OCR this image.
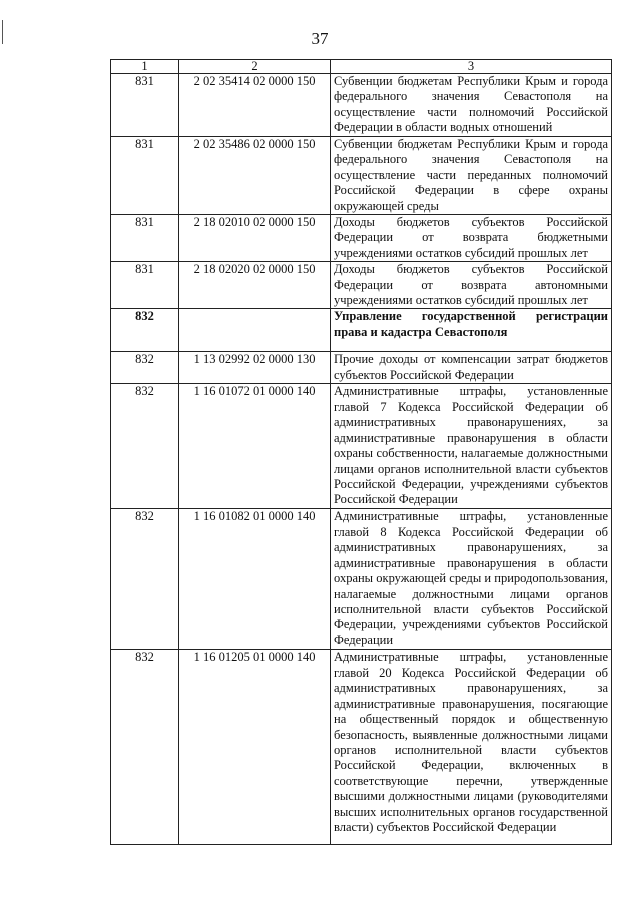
37
1	2	3
831	2 02 35414 02 0000 150	Субвенции бюджетам Республики Крым и города федерального значения Севастополя на осуществление части полномочий Российской Федерации в области водных отношений
831	2 02 35486 02 0000 150	Субвенции бюджетам Республики Крым и города федерального значения Севастополя на осуществление части переданных полномочий Российской Федерации в сфере охраны окружающей среды
831	2 18 02010 02 0000 150	Доходы бюджетов субъектов Российской Федерации от возврата бюджетными учреждениями остатков субсидий прошлых лет
831	2 18 02020 02 0000 150	Доходы бюджетов субъектов Российской Федерации от возврата автономными учреждениями остатков субсидий прошлых лет
832		Управление государственной регистрации права и кадастра Севастополя
832	1 13 02992 02 0000 130	Прочие доходы от компенсации затрат бюджетов субъектов Российской Федерации
832	1 16 01072 01 0000 140	Административные штрафы, установленные главой 7 Кодекса Российской Федерации об административных правонарушениях, за административные правонарушения в области охраны собственности, налагаемые должностными лицами органов исполнительной власти субъектов Российской Федерации, учреждениями субъектов Российской Федерации
832	1 16 01082 01 0000 140	Административные штрафы, установленные главой 8 Кодекса Российской Федерации об административных правонарушениях, за административные правонарушения в области охраны окружающей среды и природопользования, налагаемые должностными лицами органов исполнительной власти субъектов Российской Федерации, учреждениями субъектов Российской Федерации
832	1 16 01205 01 0000 140	Административные штрафы, установленные главой 20 Кодекса Российской Федерации об административных правонарушениях, за административные правонарушения, посягающие на общественный порядок и общественную безопасность, выявленные должностными лицами органов исполнительной власти субъектов Российской Федерации, включенных в соответствующие перечни, утвержденные высшими должностными лицами (руководителями высших исполнительных органов государственной власти) субъектов Российской Федерации
